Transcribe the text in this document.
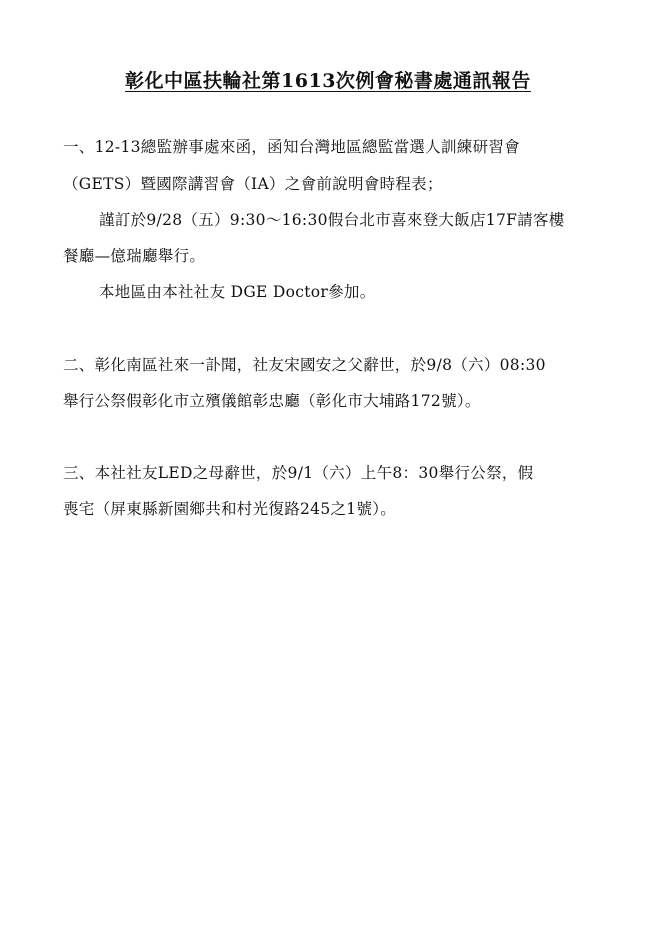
彰化中區扶輪社第1613次例會秘書處通訊報告
一、12-13總監辦事處來函，函知台灣地區總監當選人訓練研習會
（GETS）暨國際講習會（IA）之會前說明會時程表；
謹訂於9/28（五）9:30～16:30假台北市喜來登大飯店17F請客樓
餐廳—億瑞廳舉行。
本地區由本社社友 DGE Doctor參加。
二、彰化南區社來一訃聞，社友宋國安之父辭世，於9/8（六）08:30
舉行公祭假彰化市立殯儀館彰忠廳（彰化市大埔路172號）。
三、本社社友LED之母辭世，於9/1（六）上午8：30舉行公祭，假
喪宅（屏東縣新園鄉共和村光復路245之1號）。
